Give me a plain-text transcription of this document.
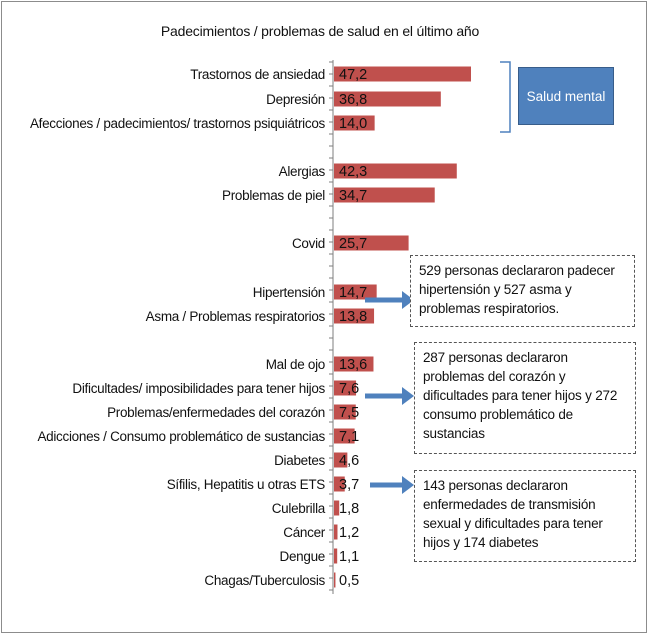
Padecimientos / problemas de salud en el último año
Trastornos de ansiedad 47,2
Depresión 36,8
Afecciones / padecimientos/ trastornos psiquiátricos 14,0
Alergias 42,3
Problemas de piel 34,7
Covid 25,7
Hipertensión 14,7
Asma / Problemas respiratorios 13,8
Mal de ojo 13,6
Dificultades/ imposibilidades para tener hijos 7,6
Problemas/enfermedades del corazón 7,5
Adicciones / Consumo problemático de sustancias 7,1
Diabetes 4,6
Sífilis, Hepatitis u otras ETS 3,7
Culebrilla 1,8
Cáncer 1,2
Dengue 1,1
Chagas/Tuberculosis 0,5
Salud mental
529 personas declararon padecer hipertensión y 527 asma y problemas respiratorios.
287 personas declararon problemas del corazón y dificultades para tener hijos y 272 consumo problemático de sustancias
143 personas declararon enfermedades de transmisión sexual y dificultades para tener hijos y 174 diabetes
